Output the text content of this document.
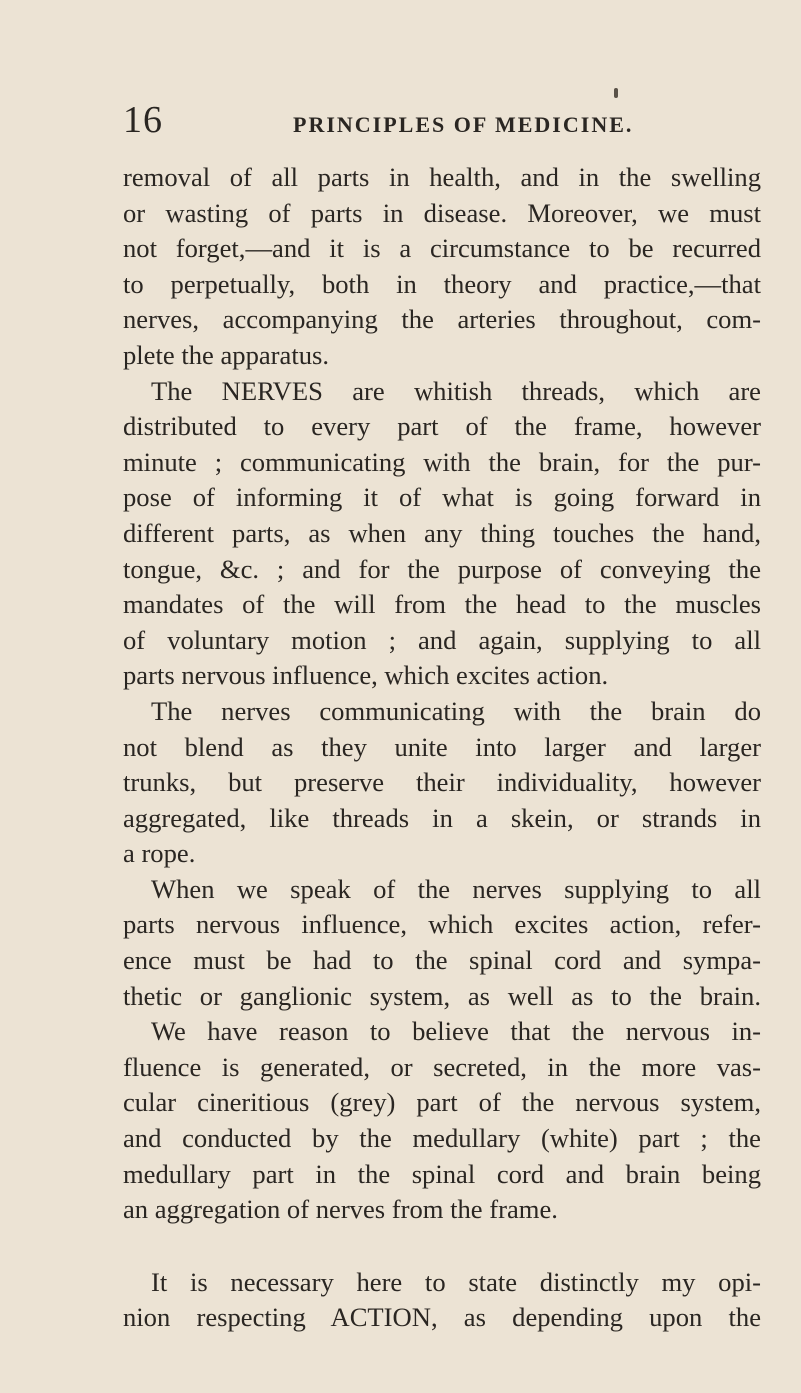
16	PRINCIPLES OF MEDICINE.
removal of all parts in health, and in the swelling
or wasting of parts in disease. Moreover, we must
not forget,—and it is a circumstance to be recurred
to perpetually, both in theory and practice,—that
nerves, accompanying the arteries throughout, com-
plete the apparatus.
The NERVES are whitish threads, which are
distributed to every part of the frame, however
minute ; communicating with the brain, for the pur-
pose of informing it of what is going forward in
different parts, as when any thing touches the hand,
tongue, &c. ; and for the purpose of conveying the
mandates of the will from the head to the muscles
of voluntary motion ; and again, supplying to all
parts nervous influence, which excites action.
The nerves communicating with the brain do
not blend as they unite into larger and larger
trunks, but preserve their individuality, however
aggregated, like threads in a skein, or strands in
a rope.
When we speak of the nerves supplying to all
parts nervous influence, which excites action, refer-
ence must be had to the spinal cord and sympa-
thetic or ganglionic system, as well as to the brain.
We have reason to believe that the nervous in-
fluence is generated, or secreted, in the more vas-
cular cineritious (grey) part of the nervous system,
and conducted by the medullary (white) part ; the
medullary part in the spinal cord and brain being
an aggregation of nerves from the frame.
It is necessary here to state distinctly my opi-
nion respecting ACTION, as depending upon the
